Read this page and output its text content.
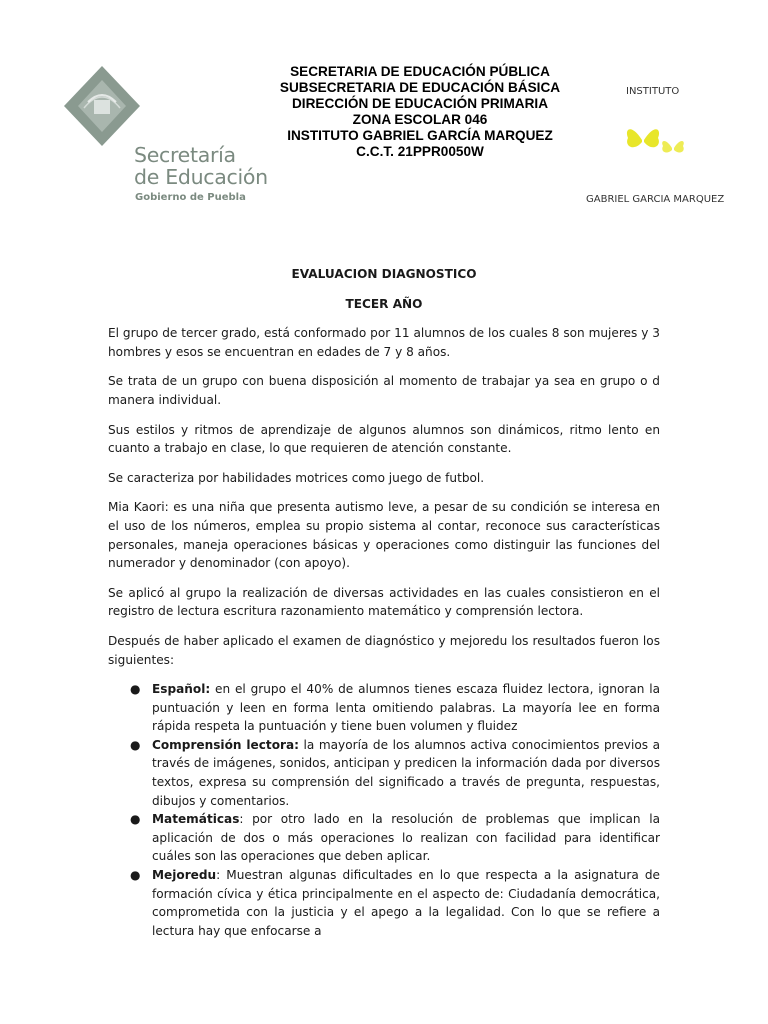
Secretaría
de Educación
Gobierno de Puebla
SECRETARIA DE EDUCACIÓN PÚBLICA
SUBSECRETARIA DE EDUCACIÓN BÁSICA
DIRECCIÓN DE EDUCACIÓN PRIMARIA
ZONA ESCOLAR 046
INSTITUTO GABRIEL GARCÍA MARQUEZ
C.C.T. 21PPR0050W
INSTITUTO
GABRIEL GARCIA MARQUEZ

EVALUACION DIAGNOSTICO

TECER AÑO

El grupo de tercer grado, está conformado por 11 alumnos de los cuales 8 son mujeres y 3 hombres y esos se encuentran en edades de 7 y 8 años.

Se trata de un grupo con buena disposición al momento de trabajar ya sea en grupo o d manera individual.

Sus estilos y ritmos de aprendizaje de algunos alumnos son dinámicos, ritmo lento en cuanto a trabajo en clase, lo que requieren de atención constante.

Se caracteriza por habilidades motrices como juego de futbol.

Mia Kaori: es una niña que presenta autismo leve, a pesar de su condición se interesa en el uso de los números, emplea su propio sistema al contar, reconoce sus características personales, maneja operaciones básicas y operaciones como distinguir las funciones del numerador y denominador (con apoyo).

Se aplicó al grupo la realización de diversas actividades en las cuales consistieron en el registro de lectura escritura razonamiento matemático y comprensión lectora.

Después de haber aplicado el examen de diagnóstico y mejoredu los resultados fueron los siguientes:

● Español: en el grupo el 40% de alumnos tienes escaza fluidez lectora, ignoran la puntuación y leen en forma lenta omitiendo palabras. La mayoría lee en forma rápida respeta la puntuación y tiene buen volumen y fluidez
● Comprensión lectora: la mayoría de los alumnos activa conocimientos previos a través de imágenes, sonidos, anticipan y predicen la información dada por diversos textos, expresa su comprensión del significado a través de pregunta, respuestas, dibujos y comentarios.
● Matemáticas: por otro lado en la resolución de problemas que implican la aplicación de dos o más operaciones lo realizan con facilidad para identificar cuáles son las operaciones que deben aplicar.
● Mejoredu: Muestran algunas dificultades en lo que respecta a la asignatura de formación cívica y ética principalmente en el aspecto de: Ciudadanía democrática, comprometida con la justicia y el apego a la legalidad. Con lo que se refiere a lectura hay que enfocarse a
